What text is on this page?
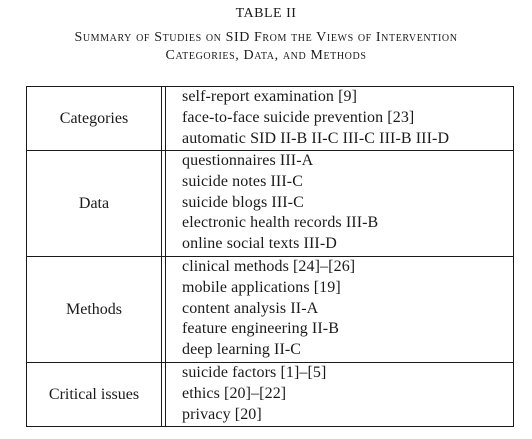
TABLE II
Summary of Studies on SID From the Views of Intervention
Categories, Data, and Methods
Categories
self-report examination [9]
face-to-face suicide prevention [23]
automatic SID II-B II-C III-C III-B III-D
Data
questionnaires III-A
suicide notes III-C
suicide blogs III-C
electronic health records III-B
online social texts III-D
Methods
clinical methods [24]–[26]
mobile applications [19]
content analysis II-A
feature engineering II-B
deep learning II-C
Critical issues
suicide factors [1]–[5]
ethics [20]–[22]
privacy [20]
